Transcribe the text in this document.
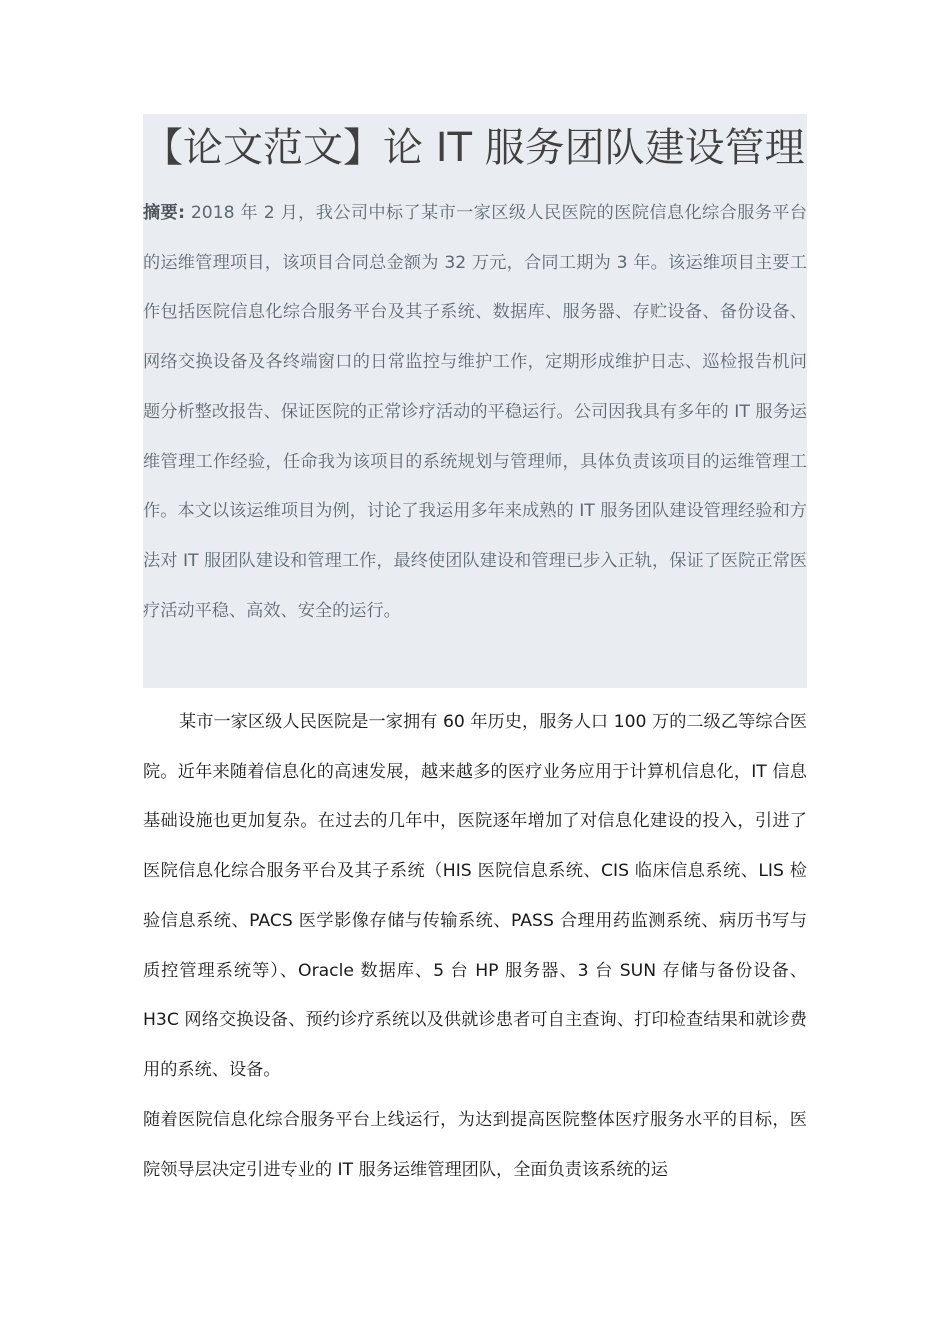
【论文范文】论 IT 服务团队建设管理

摘要: 2018 年 2 月，我公司中标了某市一家区级人民医院的医院信息化综合服务平台的运维管理项目，该项目合同总金额为 32 万元，合同工期为 3 年。该运维项目主要工作包括医院信息化综合服务平台及其子系统、数据库、服务器、存贮设备、备份设备、网络交换设备及各终端窗口的日常监控与维护工作，定期形成维护日志、巡检报告机问题分析整改报告、保证医院的正常诊疗活动的平稳运行。公司因我具有多年的 IT 服务运维管理工作经验，任命我为该项目的系统规划与管理师，具体负责该项目的运维管理工作。本文以该运维项目为例，讨论了我运用多年来成熟的 IT 服务团队建设管理经验和方法对 IT 服团队建设和管理工作，最终使团队建设和管理已步入正轨，保证了医院正常医疗活动平稳、高效、安全的运行。

某市一家区级人民医院是一家拥有 60 年历史，服务人口 100 万的二级乙等综合医院。近年来随着信息化的高速发展，越来越多的医疗业务应用于计算机信息化，IT 信息基础设施也更加复杂。在过去的几年中，医院逐年增加了对信息化建设的投入，引进了医院信息化综合服务平台及其子系统（HIS 医院信息系统、CIS 临床信息系统、LIS 检验信息系统、PACS 医学影像存储与传输系统、PASS 合理用药监测系统、病历书写与质控管理系统等）、Oracle 数据库、5 台 HP 服务器、3 台 SUN 存储与备份设备、H3C 网络交换设备、预约诊疗系统以及供就诊患者可自主查询、打印检查结果和就诊费用的系统、设备。

随着医院信息化综合服务平台上线运行，为达到提高医院整体医疗服务水平的目标，医院领导层决定引进专业的 IT 服务运维管理团队，全面负责该系统的运
